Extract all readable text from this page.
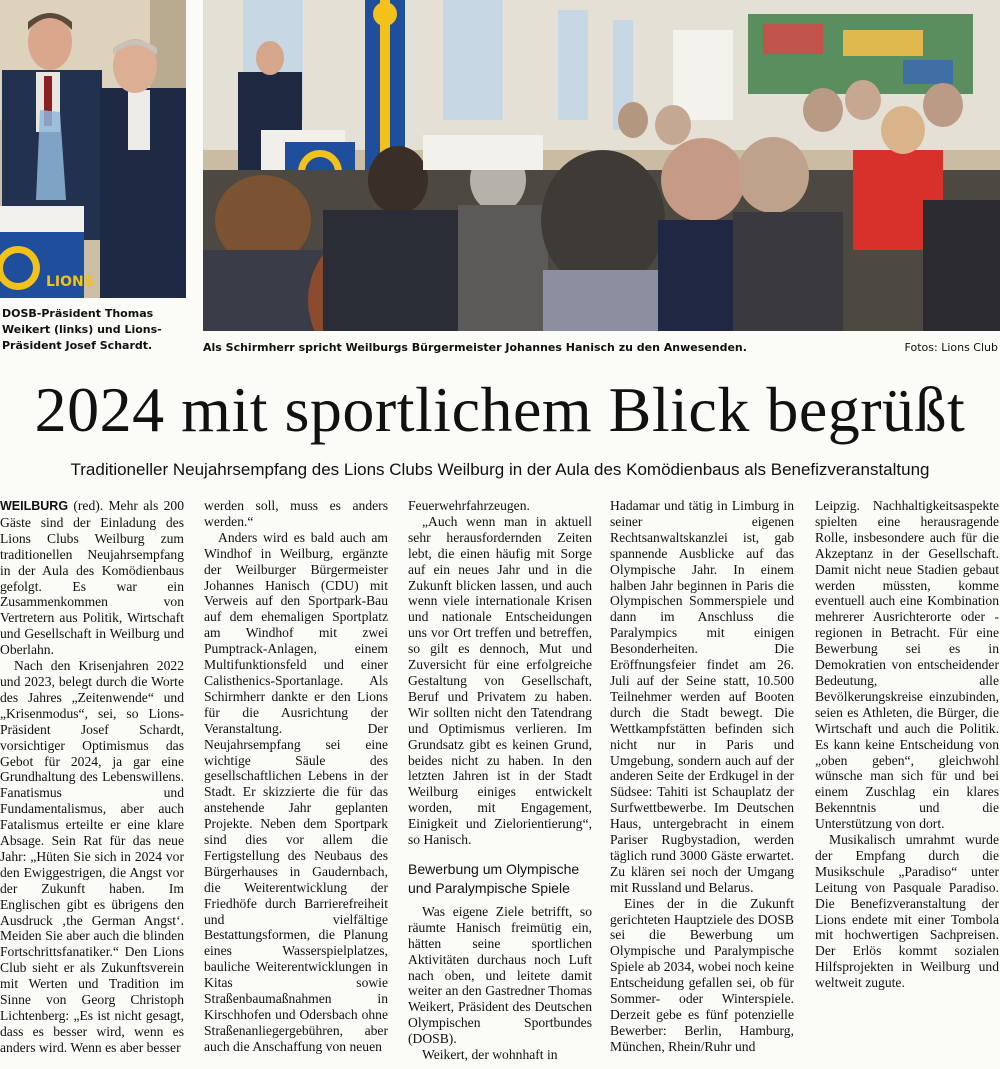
LIONS
DOSB-Präsident Thomas Weikert (links) und Lions-Präsident Josef Schardt.	Als Schirmherr spricht Weilburgs Bürgermeister Johannes Hanisch zu den Anwesenden.	Fotos: Lions Club
2024 mit sportlichem Blick begrüßt
Traditioneller Neujahrsempfang des Lions Clubs Weilburg in der Aula des Komödienbaus als Benefizveranstaltung

WEILBURG (red). Mehr als 200 Gäste sind der Einladung des Lions Clubs Weilburg zum traditionellen Neujahrsempfang in der Aula des Komödienbaus gefolgt. Es war ein Zusammenkommen von Vertretern aus Politik, Wirtschaft und Gesellschaft in Weilburg und Oberlahn.

Nach den Krisenjahren 2022 und 2023, belegt durch die Worte des Jahres „Zeitenwende“ und „Krisenmodus“, sei, so Lions-Präsident Josef Schardt, vorsichtiger Optimismus das Gebot für 2024, ja gar eine Grundhaltung des Lebenswillens. Fanatismus und Fundamentalismus, aber auch Fatalismus erteilte er eine klare Absage. Sein Rat für das neue Jahr: „Hüten Sie sich in 2024 vor den Ewiggestrigen, die Angst vor der Zukunft haben. Im Englischen gibt es übrigens den Ausdruck ‚the German Angst‘. Meiden Sie aber auch die blinden Fortschrittsfanatiker.“ Den Lions Club sieht er als Zukunftsverein mit Werten und Tradition im Sinne von Georg Christoph Lichtenberg: „Es ist nicht gesagt, dass es besser wird, wenn es anders wird. Wenn es aber besser

werden soll, muss es anders werden.“

Anders wird es bald auch am Windhof in Weilburg, ergänzte der Weilburger Bürgermeister Johannes Hanisch (CDU) mit Verweis auf den Sportpark-Bau auf dem ehemaligen Sportplatz am Windhof mit zwei Pumptrack-Anlagen, einem Multifunktionsfeld und einer Calisthenics-Sportanlage. Als Schirmherr dankte er den Lions für die Ausrichtung der Veranstaltung. Der Neujahrsempfang sei eine wichtige Säule des gesellschaftlichen Lebens in der Stadt. Er skizzierte die für das anstehende Jahr geplanten Projekte. Neben dem Sportpark sind dies vor allem die Fertigstellung des Neubaus des Bürgerhauses in Gaudernbach, die Weiterentwicklung der Friedhöfe durch Barrierefreiheit und vielfältige Bestattungsformen, die Planung eines Wasserspielplatzes, bauliche Weiterentwicklungen in Kitas sowie Straßenbaumaßnahmen in Kirschhofen und Odersbach ohne Straßenanliegergebühren, aber auch die Anschaffung von neuen

Feuerwehrfahrzeugen.

„Auch wenn man in aktuell sehr herausfordernden Zeiten lebt, die einen häufig mit Sorge auf ein neues Jahr und in die Zukunft blicken lassen, und auch wenn viele internationale Krisen und nationale Entscheidungen uns vor Ort treffen und betreffen, so gilt es dennoch, Mut und Zuversicht für eine erfolgreiche Gestaltung von Gesellschaft, Beruf und Privatem zu haben. Wir sollten nicht den Tatendrang und Optimismus verlieren. Im Grundsatz gibt es keinen Grund, beides nicht zu haben. In den letzten Jahren ist in der Stadt Weilburg einiges entwickelt worden, mit Engagement, Einigkeit und Zielorientierung“, so Hanisch.

Bewerbung um Olympische und Paralympische Spiele

Was eigene Ziele betrifft, so räumte Hanisch freimütig ein, hätten seine sportlichen Aktivitäten durchaus noch Luft nach oben, und leitete damit weiter an den Gastredner Thomas Weikert, Präsident des Deutschen Olympischen Sportbundes (DOSB).

Weikert, der wohnhaft in

Hadamar und tätig in Limburg in seiner eigenen Rechtsanwaltskanzlei ist, gab spannende Ausblicke auf das Olympische Jahr. In einem halben Jahr beginnen in Paris die Olympischen Sommerspiele und dann im Anschluss die Paralympics mit einigen Besonderheiten. Die Eröffnungsfeier findet am 26. Juli auf der Seine statt, 10.500 Teilnehmer werden auf Booten durch die Stadt bewegt. Die Wettkampfstätten befinden sich nicht nur in Paris und Umgebung, sondern auch auf der anderen Seite der Erdkugel in der Südsee: Tahiti ist Schauplatz der Surfwettbewerbe. Im Deutschen Haus, untergebracht in einem Pariser Rugbystadion, werden täglich rund 3000 Gäste erwartet. Zu klären sei noch der Umgang mit Russland und Belarus.

Eines der in die Zukunft gerichteten Hauptziele des DOSB sei die Bewerbung um Olympische und Paralympische Spiele ab 2034, wobei noch keine Entscheidung gefallen sei, ob für Sommer- oder Winterspiele. Derzeit gebe es fünf potenzielle Bewerber: Berlin, Hamburg, München, Rhein/Ruhr und

Leipzig. Nachhaltigkeitsaspekte spielten eine herausragende Rolle, insbesondere auch für die Akzeptanz in der Gesellschaft. Damit nicht neue Stadien gebaut werden müssten, komme eventuell auch eine Kombination mehrerer Ausrichterorte oder -regionen in Betracht. Für eine Bewerbung sei es in Demokratien von entscheidender Bedeutung, alle Bevölkerungskreise einzubinden, seien es Athleten, die Bürger, die Wirtschaft und auch die Politik. Es kann keine Entscheidung von „oben geben“, gleichwohl wünsche man sich für und bei einem Zuschlag ein klares Bekenntnis und die Unterstützung von dort.

Musikalisch umrahmt wurde der Empfang durch die Musikschule „Paradiso“ unter Leitung von Pasquale Paradiso. Die Benefizveranstaltung der Lions endete mit einer Tombola mit hochwertigen Sachpreisen. Der Erlös kommt sozialen Hilfsprojekten in Weilburg und weltweit zugute.
